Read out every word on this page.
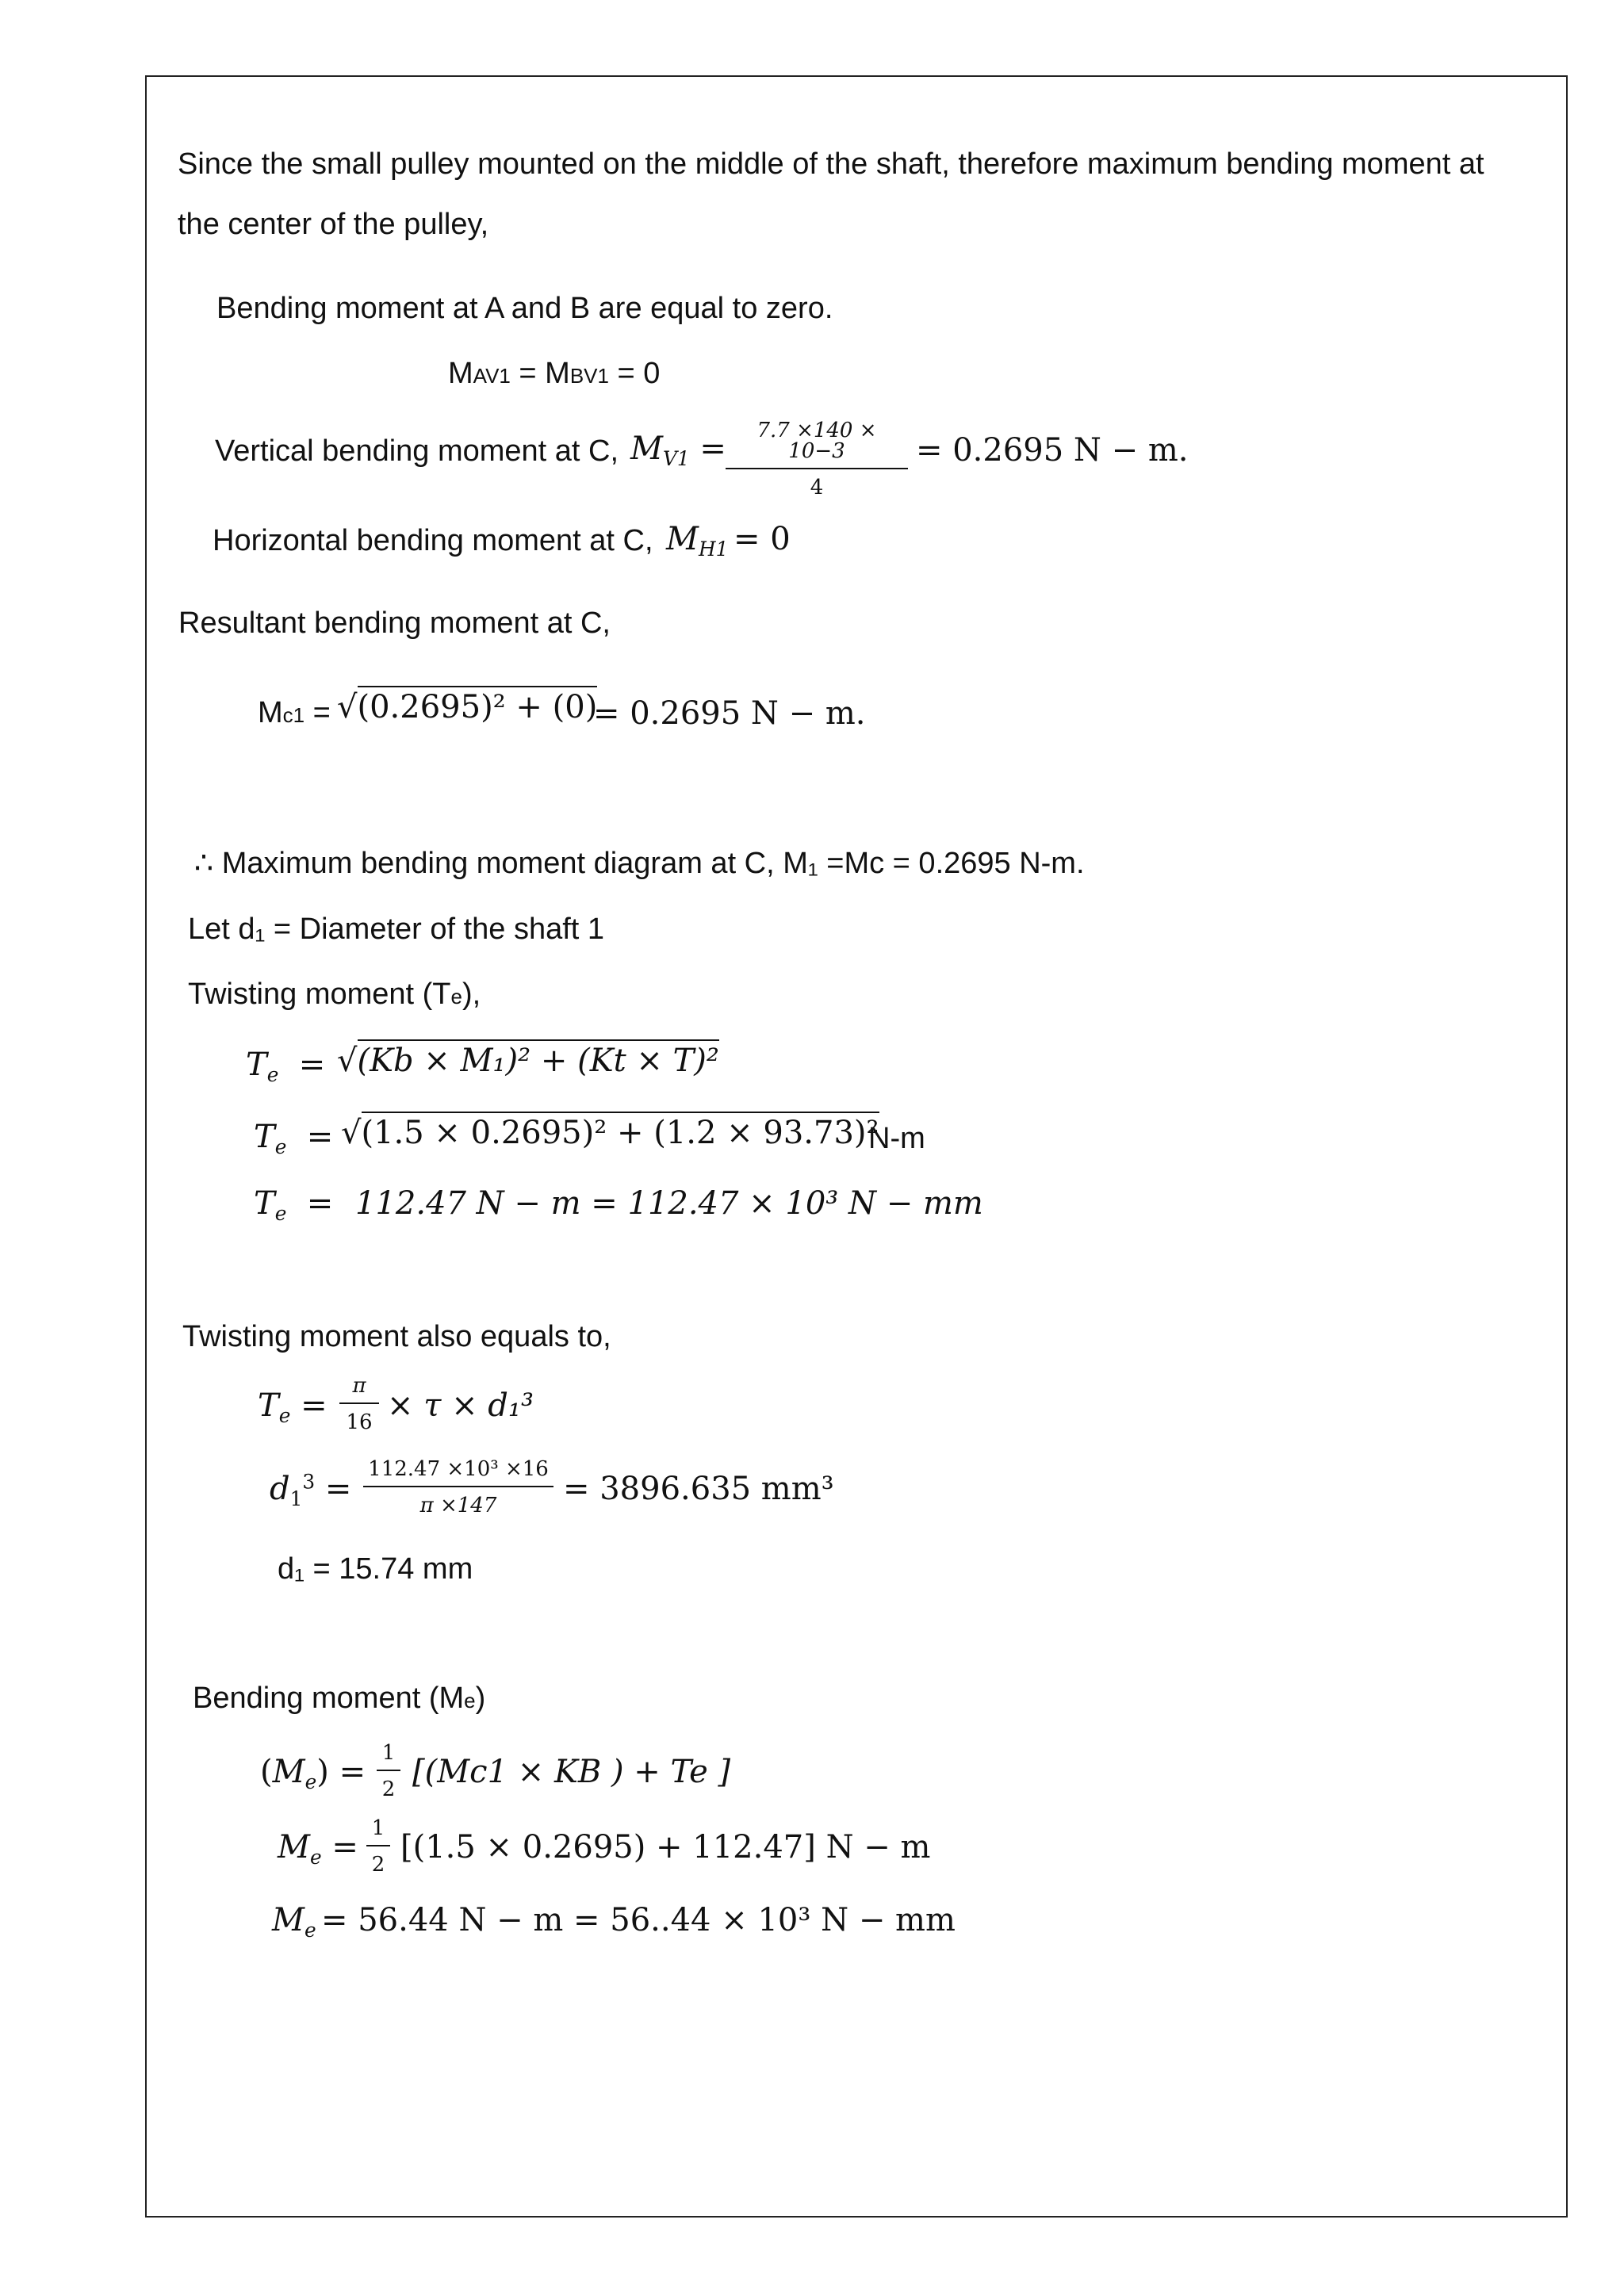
Since the small pulley mounted on the middle of the shaft, therefore maximum bending moment at
the center of the pulley,
Bending moment at A and B are equal to zero.
MAV1 = MBV1 = 0
Vertical bending moment at C, $M_{V1}$ =	7.7 ×140 × 10−3
4
= 0.2695 N − m.
Horizontal bending moment at C, $M_{H1} = 0$
Resultant bending moment at C,
Mc1 = √(0.2695)² + (0)
= 0.2695 N − m.
∴ Maximum bending moment diagram at C, M₁ =Mc = 0.2695 N-m.
Let d₁ = Diameter of the shaft 1
Twisting moment (Te),
$T_e = √(Kb \times M_1)^2 + (Kt \times T)^2$
$T_e = √(1.5 \times 0.2695)^2 + (1.2 \times 93.73)^2$
N-m
$T_e = 112.47$ N − m = 112.47 × 10³ N − mm
Twisting moment also equals to,
$T_e$ =
π
16 × τ × d₁³
$d_1^3$ =
112.47 ×10³ ×16
π ×147	= 3896.635 mm³
d₁ = 15.74 mm
Bending moment (Me)
$(M_e)$ =
1
2 [(Mc1 × KB ) + Te ]
$M_e$ =
1
2 [(1.5 × 0.2695) + 112.47] N − m
$M_e = 56.44$ N − m = 56..44 × 10³ N − mm
